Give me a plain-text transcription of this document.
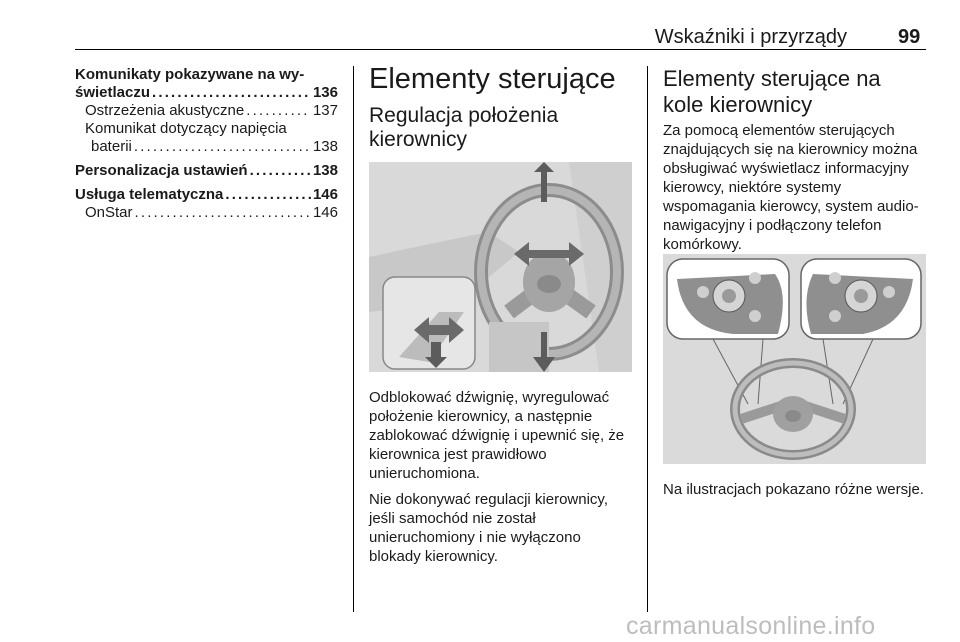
Wskaźniki i przyrządy	99
Komunikaty pokazywane na wy-
świetlaczu . . .	136
Ostrzeżenia akustyczne . . .	137
Komunikat dotyczący napięcia
baterii . . .	138
Personalizacja ustawień . . .	138
Usługa telematyczna . . .	146
OnStar . . .	146
Elementy sterujące
Regulacja położenia kierownicy

Odblokować dźwignię, wyregulować położenie kierownicy, a następnie zablokować dźwignię i upewnić się, że kierownica jest prawidłowo unieruchomiona.

Nie dokonywać regulacji kierownicy, jeśli samochód nie został unieruchomiony i nie wyłączono blokady kierownicy.

Elementy sterujące na kole kierownicy

Za pomocą elementów sterujących znajdujących się na kierownicy można obsługiwać wyświetlacz informacyjny kierowcy, niektóre systemy wspomagania kierowcy, system audio-nawigacyjny i podłączony telefon komórkowy.

Na ilustracjach pokazano różne wersje.

carmanualsonline.info
